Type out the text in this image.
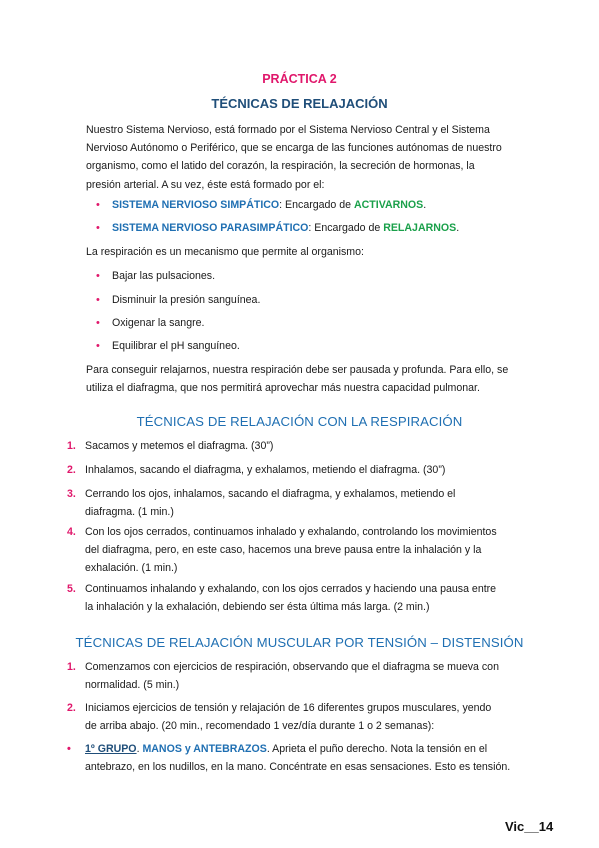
PRÁCTICA 2
TÉCNICAS DE RELAJACIÓN
Nuestro Sistema Nervioso, está formado por el Sistema Nervioso Central y el Sistema
Nervioso Autónomo o Periférico, que se encarga de las funciones autónomas de nuestro
organismo, como el latido del corazón, la respiración, la secreción de hormonas, la
presión arterial. A su vez, éste está formado por el:
• SISTEMA NERVIOSO SIMPÁTICO: Encargado de ACTIVARNOS.
• SISTEMA NERVIOSO PARASIMPÁTICO: Encargado de RELAJARNOS.
La respiración es un mecanismo que permite al organismo:
• Bajar las pulsaciones.
• Disminuir la presión sanguínea.
• Oxigenar la sangre.
• Equilibrar el pH sanguíneo.
Para conseguir relajarnos, nuestra respiración debe ser pausada y profunda. Para ello, se
utiliza el diafragma, que nos permitirá aprovechar más nuestra capacidad pulmonar.
TÉCNICAS DE RELAJACIÓN CON LA RESPIRACIÓN
1. Sacamos y metemos el diafragma. (30”)
2. Inhalamos, sacando el diafragma, y exhalamos, metiendo el diafragma. (30”)
3. Cerrando los ojos, inhalamos, sacando el diafragma, y exhalamos, metiendo el
diafragma. (1 min.)
4. Con los ojos cerrados, continuamos inhalado y exhalando, controlando los movimientos
del diafragma, pero, en este caso, hacemos una breve pausa entre la inhalación y la
exhalación. (1 min.)
5. Continuamos inhalando y exhalando, con los ojos cerrados y haciendo una pausa entre
la inhalación y la exhalación, debiendo ser ésta última más larga. (2 min.)
TÉCNICAS DE RELAJACIÓN MUSCULAR POR TENSIÓN – DISTENSIÓN
1. Comenzamos con ejercicios de respiración, observando que el diafragma se mueva con
normalidad. (5 min.)
2. Iniciamos ejercicios de tensión y relajación de 16 diferentes grupos musculares, yendo
de arriba abajo. (20 min., recomendado 1 vez/día durante 1 o 2 semanas):
• 1º GRUPO. MANOS y ANTEBRAZOS. Aprieta el puño derecho. Nota la tensión en el
antebrazo, en los nudillos, en la mano. Concéntrate en esas sensaciones. Esto es tensión.
Vic__14
